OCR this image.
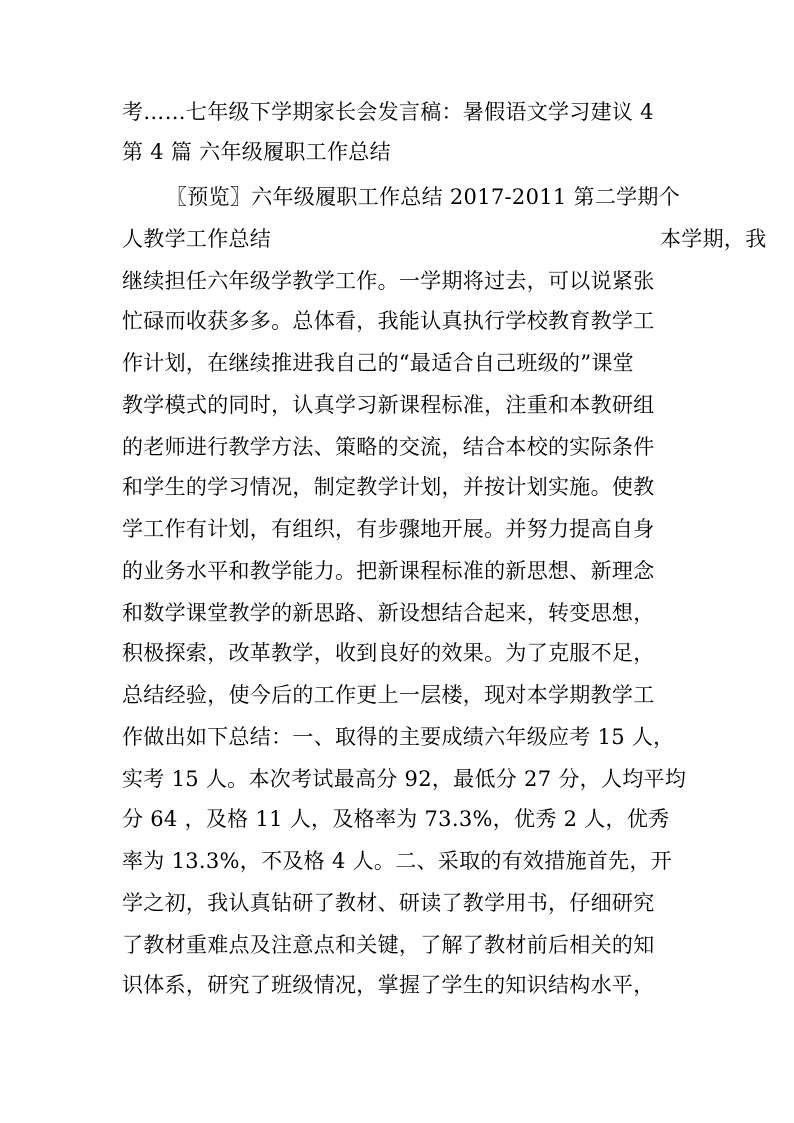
考……七年级下学期家长会发言稿：暑假语文学习建议 4
第 4 篇 六年级履职工作总结
〖预览〗六年级履职工作总结 2017-2011 第二学期个
人教学工作总结	本学期，我
继续担任六年级学教学工作。一学期将过去，可以说紧张
忙碌而收获多多。总体看，我能认真执行学校教育教学工
作计划，在继续推进我自己的“最适合自己班级的”课堂
教学模式的同时，认真学习新课程标准，注重和本教研组
的老师进行教学方法、策略的交流，结合本校的实际条件
和学生的学习情况，制定教学计划，并按计划实施。使教
学工作有计划，有组织，有步骤地开展。并努力提高自身
的业务水平和教学能力。把新课程标准的新思想、新理念
和数学课堂教学的新思路、新设想结合起来，转变思想，
积极探索，改革教学，收到良好的效果。为了克服不足，
总结经验，使今后的工作更上一层楼，现对本学期教学工
作做出如下总结：一、取得的主要成绩六年级应考 15 人，
实考 15 人。本次考试最高分 92，最低分 27 分，人均平均
分 64 ，及格 11 人，及格率为 73.3%，优秀 2 人，优秀
率为 13.3%，不及格 4 人。二、采取的有效措施首先，开
学之初，我认真钻研了教材、研读了教学用书，仔细研究
了教材重难点及注意点和关键，了解了教材前后相关的知
识体系，研究了班级情况，掌握了学生的知识结构水平，
